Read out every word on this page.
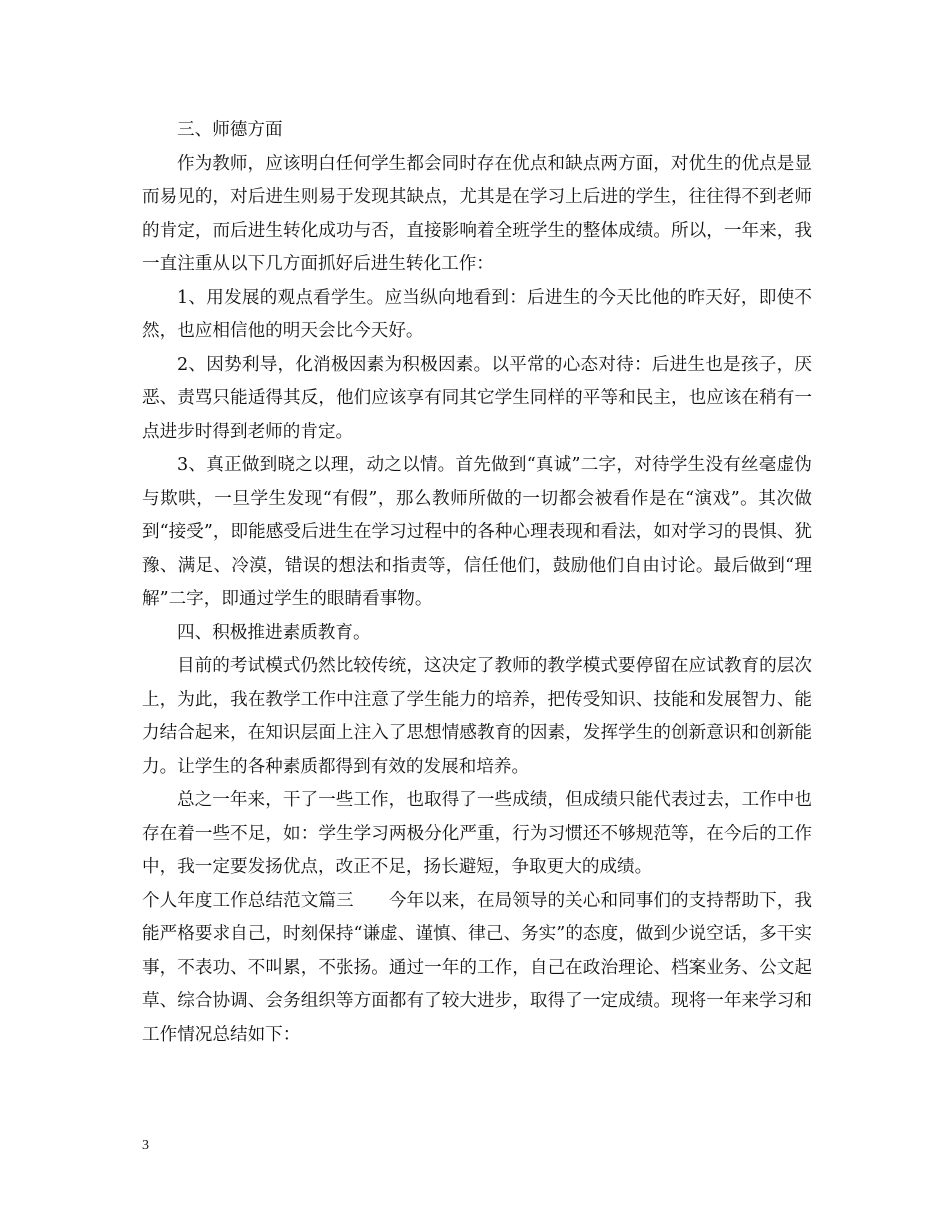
三、师德方面

作为教师，应该明白任何学生都会同时存在优点和缺点两方面，对优生的优点是显而易见的，对后进生则易于发现其缺点，尤其是在学习上后进的学生，往往得不到老师的肯定，而后进生转化成功与否，直接影响着全班学生的整体成绩。所以，一年来，我一直注重从以下几方面抓好后进生转化工作：

1、用发展的观点看学生。应当纵向地看到：后进生的今天比他的昨天好，即使不然，也应相信他的明天会比今天好。

2、因势利导，化消极因素为积极因素。以平常的心态对待：后进生也是孩子，厌恶、责骂只能适得其反，他们应该享有同其它学生同样的平等和民主，也应该在稍有一点进步时得到老师的肯定。

3、真正做到晓之以理，动之以情。首先做到“真诚”二字，对待学生没有丝毫虚伪与欺哄，一旦学生发现“有假”，那么教师所做的一切都会被看作是在“演戏”。其次做到“接受”，即能感受后进生在学习过程中的各种心理表现和看法，如对学习的畏惧、犹豫、满足、冷漠，错误的想法和指责等，信任他们，鼓励他们自由讨论。最后做到“理解”二字，即通过学生的眼睛看事物。

四、积极推进素质教育。

目前的考试模式仍然比较传统，这决定了教师的教学模式要停留在应试教育的层次上，为此，我在教学工作中注意了学生能力的培养，把传受知识、技能和发展智力、能力结合起来，在知识层面上注入了思想情感教育的因素，发挥学生的创新意识和创新能力。让学生的各种素质都得到有效的发展和培养。

总之一年来，干了一些工作，也取得了一些成绩，但成绩只能代表过去，工作中也存在着一些不足，如：学生学习两极分化严重，行为习惯还不够规范等，在今后的工作中，我一定要发扬优点，改正不足，扬长避短，争取更大的成绩。

个人年度工作总结范文篇三　　今年以来，在局领导的关心和同事们的支持帮助下，我能严格要求自己，时刻保持“谦虚、谨慎、律己、务实”的态度，做到少说空话，多干实事，不表功、不叫累，不张扬。通过一年的工作，自己在政治理论、档案业务、公文起草、综合协调、会务组织等方面都有了较大进步，取得了一定成绩。现将一年来学习和工作情况总结如下：

3
